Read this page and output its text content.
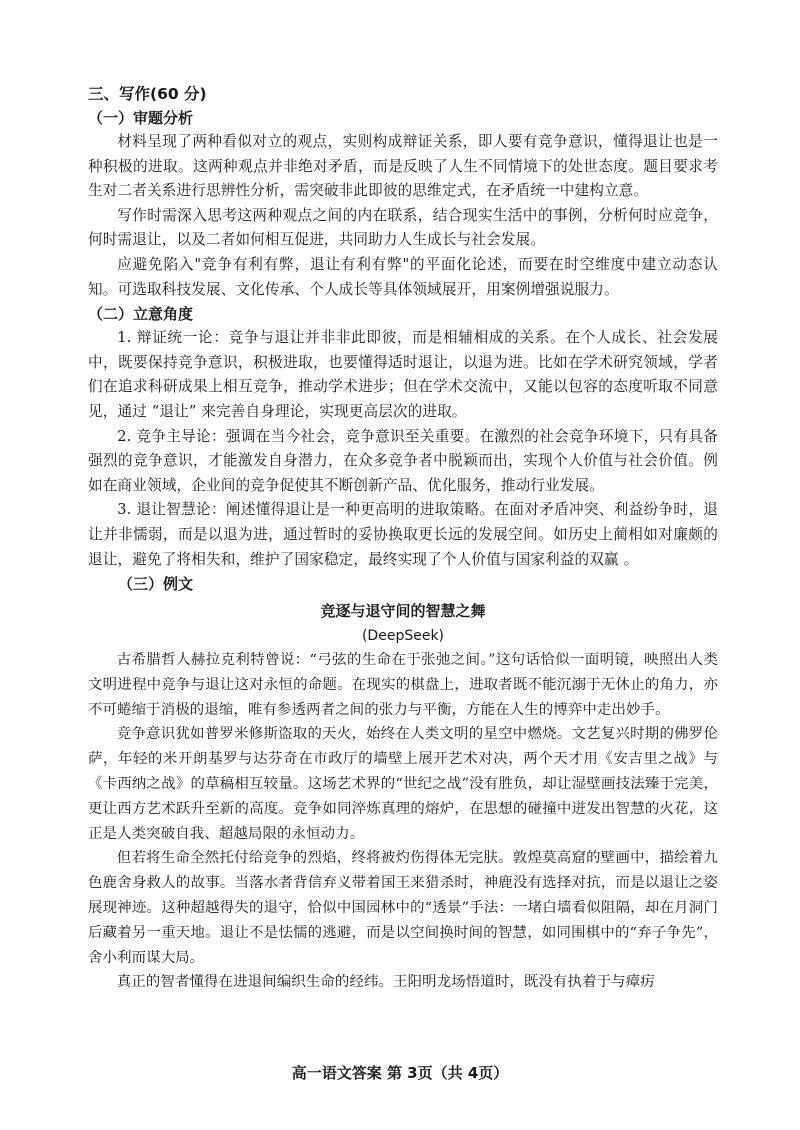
三、写作(60 分)
（一）审题分析

材料呈现了两种看似对立的观点，实则构成辩证关系，即人要有竞争意识，懂得退让也是一种积极的进取。这两种观点并非绝对矛盾，而是反映了人生不同情境下的处世态度。题目要求考生对二者关系进行思辨性分析，需突破非此即彼的思维定式，在矛盾统一中建构立意。

写作时需深入思考这两种观点之间的内在联系，结合现实生活中的事例，分析何时应竞争，何时需退让，以及二者如何相互促进，共同助力人生成长与社会发展。

应避免陷入"竞争有利有弊，退让有利有弊"的平面化论述，而要在时空维度中建立动态认知。可选取科技发展、文化传承、个人成长等具体领域展开，用案例增强说服力。

（二）立意角度

1. 辩证统一论：竞争与退让并非非此即彼，而是相辅相成的关系。在个人成长、社会发展中，既要保持竞争意识，积极进取，也要懂得适时退让，以退为进。比如在学术研究领域，学者们在追求科研成果上相互竞争，推动学术进步；但在学术交流中，又能以包容的态度听取不同意见，通过 “退让” 来完善自身理论，实现更高层次的进取。

2. 竞争主导论：强调在当今社会，竞争意识至关重要。在激烈的社会竞争环境下，只有具备强烈的竞争意识，才能激发自身潜力，在众多竞争者中脱颖而出，实现个人价值与社会价值。例如在商业领域，企业间的竞争促使其不断创新产品、优化服务，推动行业发展。

3. 退让智慧论：阐述懂得退让是一种更高明的进取策略。在面对矛盾冲突、利益纷争时，退让并非懦弱，而是以退为进，通过暂时的妥协换取更长远的发展空间。如历史上蔺相如对廉颇的退让，避免了将相失和，维护了国家稳定，最终实现了个人价值与国家利益的双赢 。

（三）例文
竞逐与退守间的智慧之舞
(DeepSeek)

古希腊哲人赫拉克利特曾说：“弓弦的生命在于张弛之间。”这句话恰似一面明镜，映照出人类文明进程中竞争与退让这对永恒的命题。在现实的棋盘上，进取者既不能沉溺于无休止的角力，亦不可蜷缩于消极的退缩，唯有参透两者之间的张力与平衡，方能在人生的博弈中走出妙手。

竞争意识犹如普罗米修斯盗取的天火，始终在人类文明的星空中燃烧。文艺复兴时期的佛罗伦萨，年轻的米开朗基罗与达芬奇在市政厅的墙壁上展开艺术对决，两个天才用《安吉里之战》与《卡西纳之战》的草稿相互较量。这场艺术界的“世纪之战”没有胜负，却让湿壁画技法臻于完美，更让西方艺术跃升至新的高度。竞争如同淬炼真理的熔炉，在思想的碰撞中迸发出智慧的火花，这正是人类突破自我、超越局限的永恒动力。

但若将生命全然托付给竞争的烈焰，终将被灼伤得体无完肤。敦煌莫高窟的壁画中，描绘着九色鹿舍身救人的故事。当落水者背信弃义带着国王来猎杀时，神鹿没有选择对抗，而是以退让之姿展现神迹。这种超越得失的退守，恰似中国园林中的“透景”手法：一堵白墙看似阻隔，却在月洞门后藏着另一重天地。退让不是怯懦的逃避，而是以空间换时间的智慧，如同围棋中的“弃子争先”，舍小利而谋大局。

真正的智者懂得在进退间编织生命的经纬。王阳明龙场悟道时，既没有执着于与瘴疠

高一语文答案 第 3页（共 4页）
